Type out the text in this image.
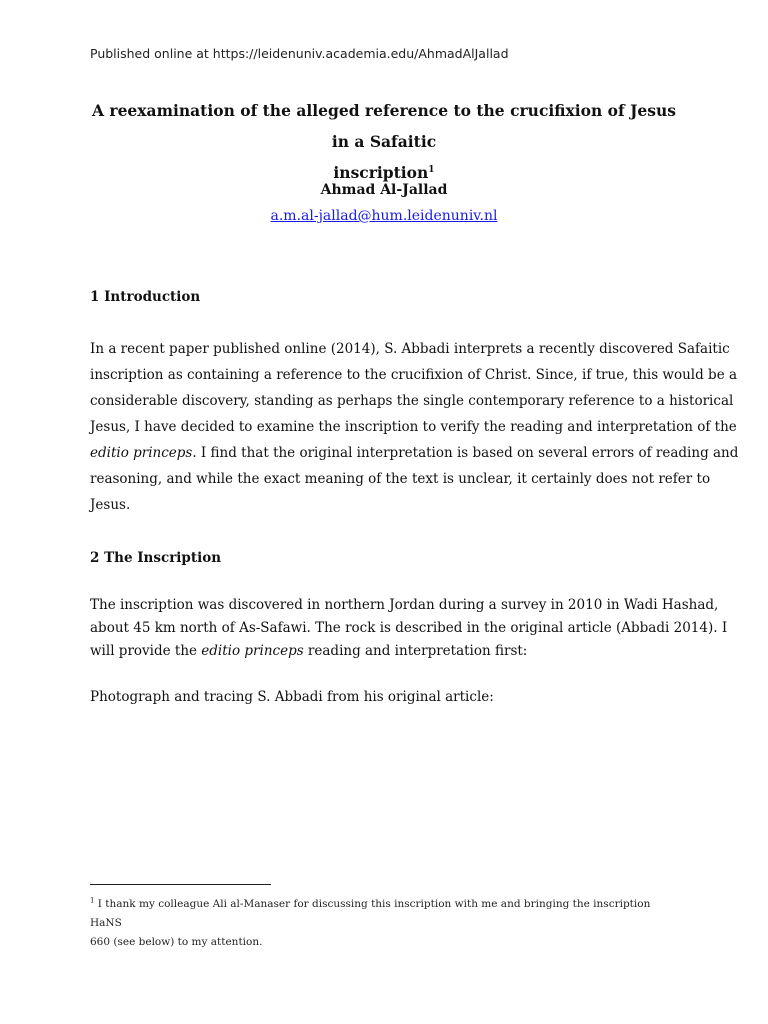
Published online at https://leidenuniv.academia.edu/AhmadAlJallad
A reexamination of the alleged reference to the crucifixion of Jesus in a Safaitic
inscription$^1$
Ahmad Al-Jallad
a.m.al-jallad@hum.leidenuniv.nl
1 Introduction
In a recent paper published online (2014), S. Abbadi interprets a recently discovered Safaitic
inscription as containing a reference to the crucifixion of Christ. Since, if true, this would be a
considerable discovery, standing as perhaps the single contemporary reference to a historical
Jesus, I have decided to examine the inscription to verify the reading and interpretation of the
editio princeps. I find that the original interpretation is based on several errors of reading and
reasoning, and while the exact meaning of the text is unclear, it certainly does not refer to
Jesus.
2 The Inscription
The inscription was discovered in northern Jordan during a survey in 2010 in Wadi Hashad,
about 45 km north of As-Safawi. The rock is described in the original article (Abbadi 2014). I
will provide the editio princeps reading and interpretation first:
Photograph and tracing S. Abbadi from his original article:
$^1$ I thank my colleague Ali al-Manaser for discussing this inscription with me and bringing the inscription HaNS
660 (see below) to my attention.
